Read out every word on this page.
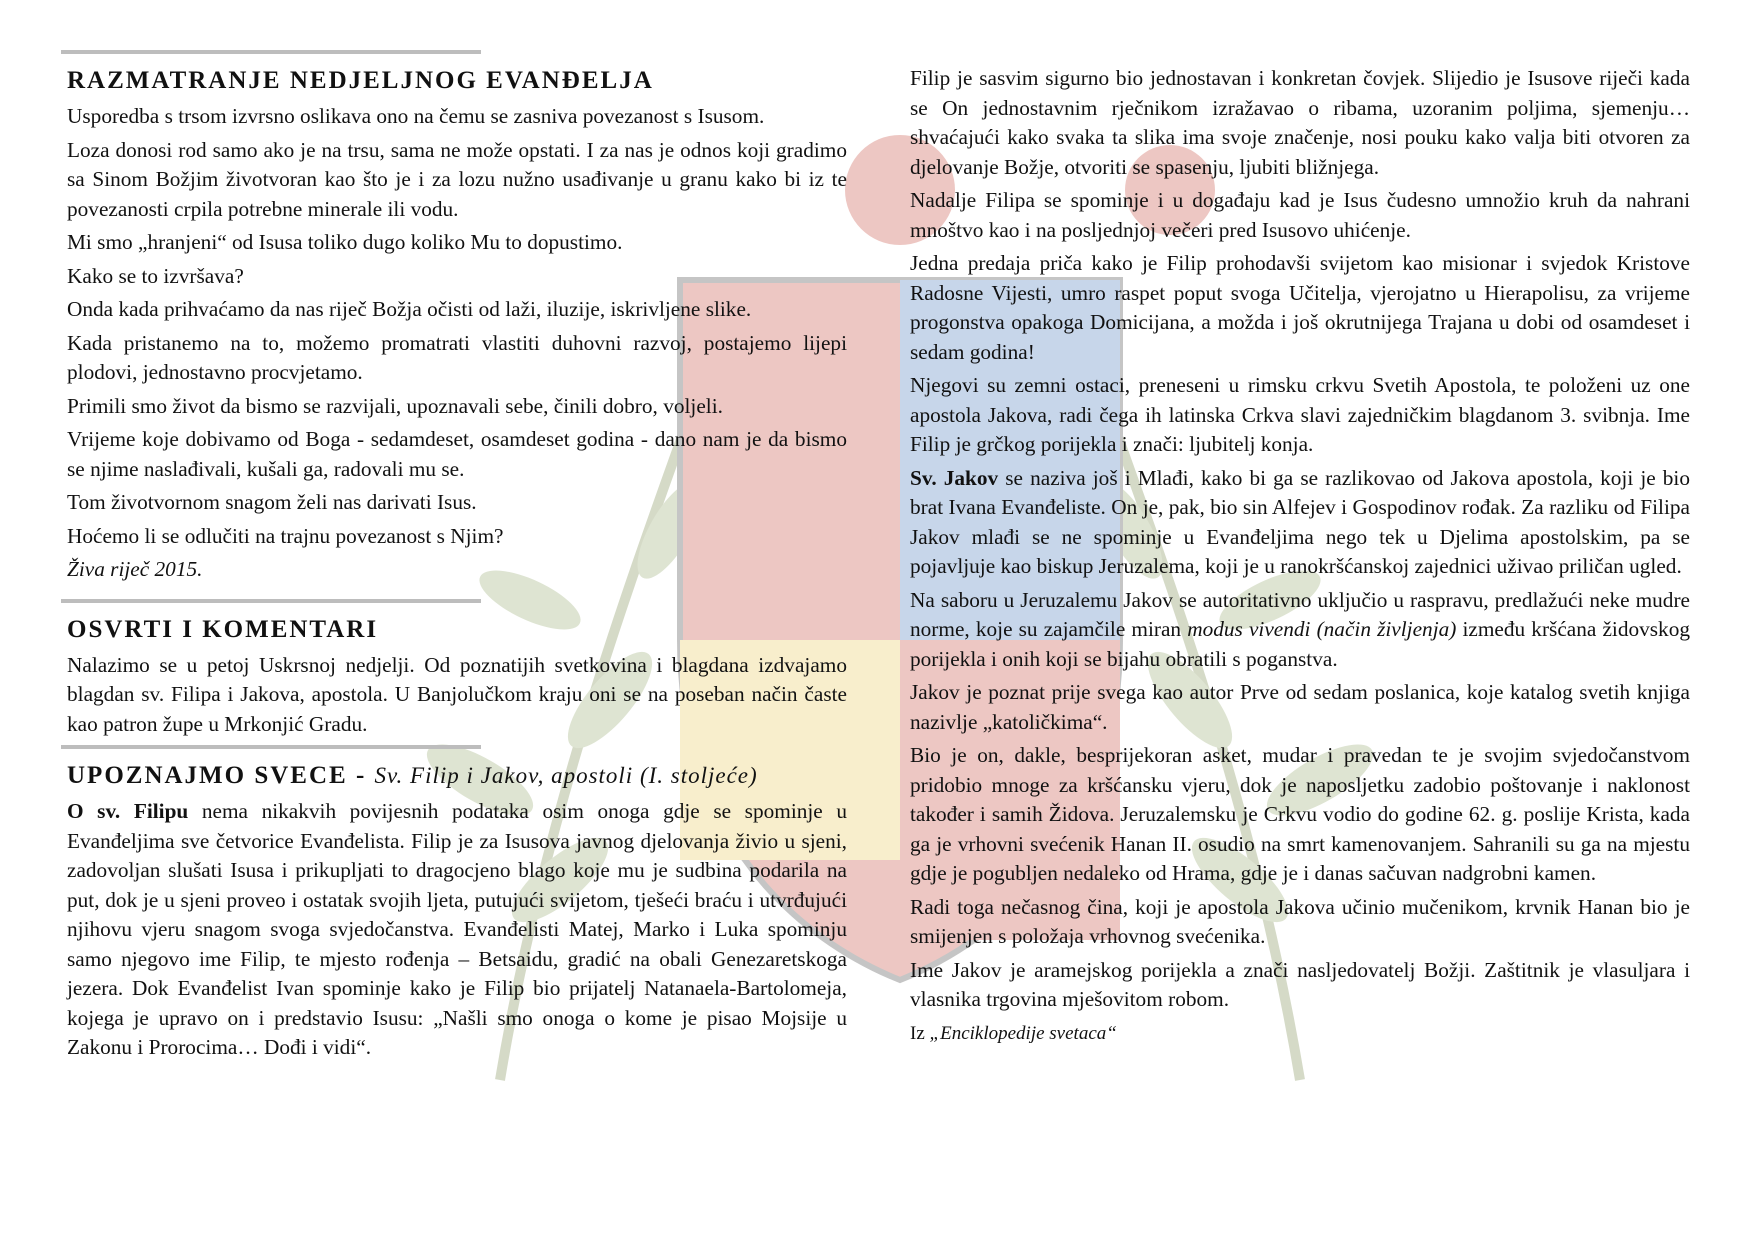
RAZMATRANJE NEDJELJNOG EVANĐELJA

Usporedba s trsom izvrsno oslikava ono na čemu se zasniva povezanost s Isusom.

Loza donosi rod samo ako je na trsu, sama ne može opstati. I za nas je odnos koji gradimo sa Sinom Božjim životvoran kao što je i za lozu nužno usađivanje u granu kako bi iz te povezanosti crpila potrebne minerale ili vodu.

Mi smo „hranjeni“ od Isusa toliko dugo koliko Mu to dopustimo.

Kako se to izvršava?

Onda kada prihvaćamo da nas riječ Božja očisti od laži, iluzije, iskrivljene slike.

Kada pristanemo na to, možemo promatrati vlastiti duhovni razvoj, postajemo lijepi plodovi, jednostavno procvjetamo.

Primili smo život da bismo se razvijali, upoznavali sebe, činili dobro, voljeli.

Vrijeme koje dobivamo od Boga - sedamdeset, osamdeset godina - dano nam je da bismo se njime naslađivali, kušali ga, radovali mu se.

Tom životvornom snagom želi nas darivati Isus.

Hoćemo li se odlučiti na trajnu povezanost s Njim?

Živa riječ 2015.

OSVRTI I KOMENTARI

Nalazimo se u petoj Uskrsnoj nedjelji. Od poznatijih svetkovina i blagdana izdvajamo blagdan sv. Filipa i Jakova, apostola. U Banjolučkom kraju oni se na poseban način časte kao patron župe u Mrkonjić Gradu.

UPOZNAJMO SVECE - Sv. Filip i Jakov, apostoli (I. stoljeće)

O sv. Filipu nema nikakvih povijesnih podataka osim onoga gdje se spominje u Evanđeljima sve četvorice Evanđelista. Filip je za Isusova javnog djelovanja živio u sjeni, zadovoljan slušati Isusa i prikupljati to dragocjeno blago koje mu je sudbina podarila na put, dok je u sjeni proveo i ostatak svojih ljeta, putujući svijetom, tješeći braću i utvrđujući njihovu vjeru snagom svoga svjedočanstva. Evanđelisti Matej, Marko i Luka spominju samo njegovo ime Filip, te mjesto rođenja – Betsaidu, gradić na obali Genezaretskoga jezera. Dok Evanđelist Ivan spominje kako je Filip bio prijatelj Natanaela-Bartolomeja, kojega je upravo on i predstavio Isusu: „Našli smo onoga o kome je pisao Mojsije u Zakonu i Prorocima… Dođi i vidi“.

Filip je sasvim sigurno bio jednostavan i konkretan čovjek. Slijedio je Isusove riječi kada se On jednostavnim rječnikom izražavao o ribama, uzoranim poljima, sjemenju… shvaćajući kako svaka ta slika ima svoje značenje, nosi pouku kako valja biti otvoren za djelovanje Božje, otvoriti se spasenju, ljubiti bližnjega.

Nadalje Filipa se spominje i u događaju kad je Isus čudesno umnožio kruh da nahrani mnoštvo kao i na posljednjoj večeri pred Isusovo uhićenje.

Jedna predaja priča kako je Filip prohodavši svijetom kao misionar i svjedok Kristove Radosne Vijesti, umro raspet poput svoga Učitelja, vjerojatno u Hierapolisu, za vrijeme progonstva opakoga Domicijana, a možda i još okrutnijega Trajana u dobi od osamdeset i sedam godina!

Njegovi su zemni ostaci, preneseni u rimsku crkvu Svetih Apostola, te položeni uz one apostola Jakova, radi čega ih latinska Crkva slavi zajedničkim blagdanom 3. svibnja. Ime Filip je grčkog porijekla i znači: ljubitelj konja.

Sv. Jakov se naziva još i Mlađi, kako bi ga se razlikovao od Jakova apostola, koji je bio brat Ivana Evanđeliste. On je, pak, bio sin Alfejev i Gospodinov rođak. Za razliku od Filipa Jakov mlađi se ne spominje u Evanđeljima nego tek u Djelima apostolskim, pa se pojavljuje kao biskup Jeruzalema, koji je u ranokršćanskoj zajednici uživao priličan ugled.

Na saboru u Jeruzalemu Jakov se autoritativno uključio u raspravu, predlažući neke mudre norme, koje su zajamčile miran modus vivendi (način življenja) između kršćana židovskog porijekla i onih koji se bijahu obratili s poganstva.

Jakov je poznat prije svega kao autor Prve od sedam poslanica, koje katalog svetih knjiga nazivlje „katoličkima“.

Bio je on, dakle, besprijekoran asket, mudar i pravedan te je svojim svjedočanstvom pridobio mnoge za kršćansku vjeru, dok je naposljetku zadobio poštovanje i naklonost također i samih Židova. Jeruzalemsku je Crkvu vodio do godine 62. g. poslije Krista, kada ga je vrhovni svećenik Hanan II. osudio na smrt kamenovanjem. Sahranili su ga na mjestu gdje je pogubljen nedaleko od Hrama, gdje je i danas sačuvan nadgrobni kamen.

Radi toga nečasnog čina, koji je apostola Jakova učinio mučenikom, krvnik Hanan bio je smijenjen s položaja vrhovnog svećenika.

Ime Jakov je aramejskog porijekla a znači nasljedovatelj Božji. Zaštitnik je vlasuljara i vlasnika trgovina mješovitom robom.

Iz „Enciklopedije svetaca“
